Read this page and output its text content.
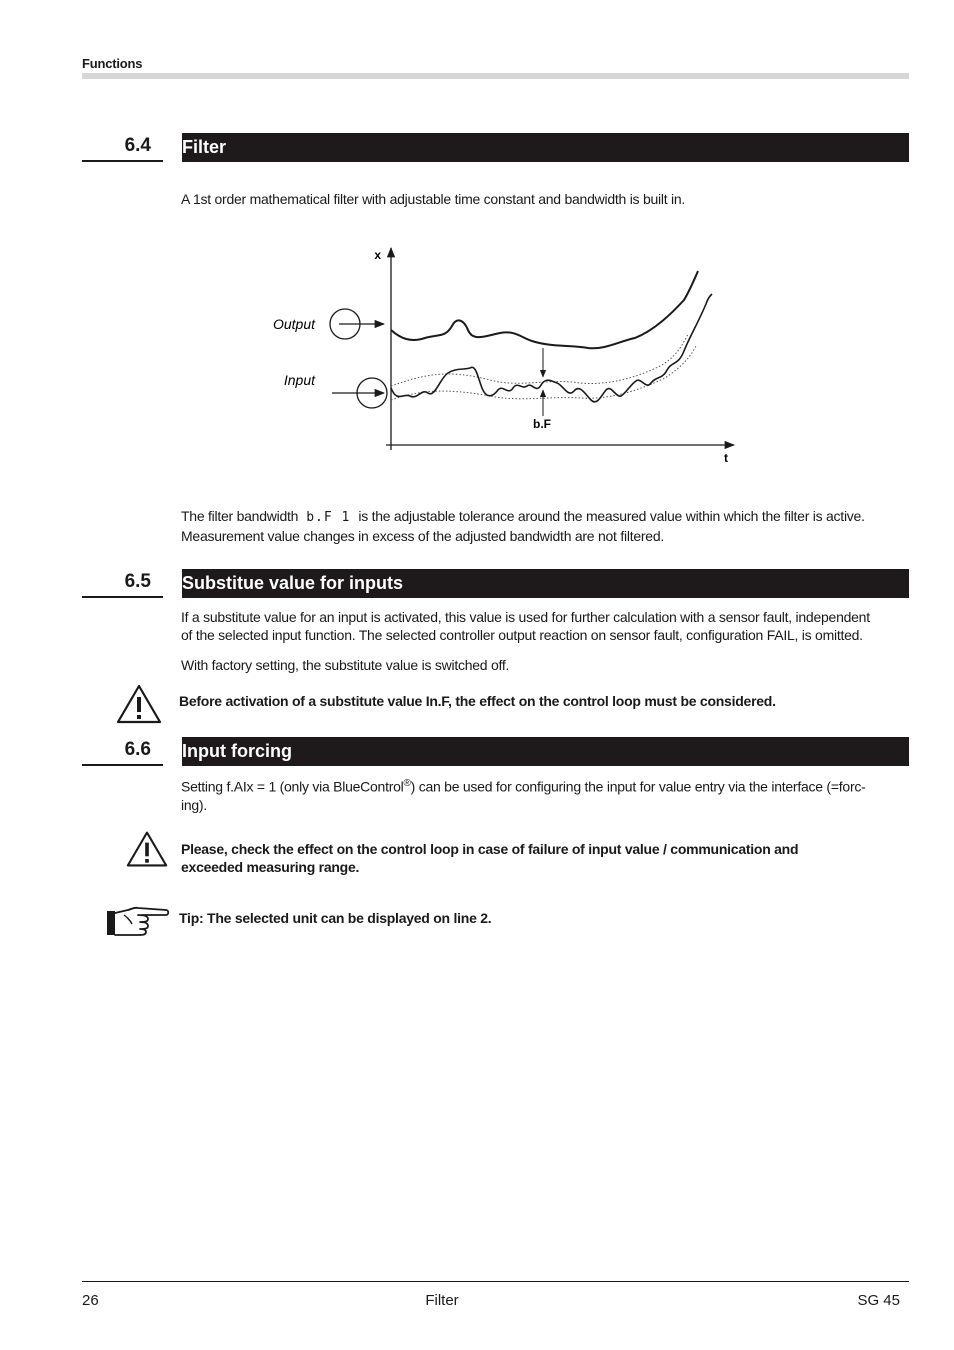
Functions
6.4	Filter
A 1st order mathematical filter with adjustable time constant and bandwidth is built in.
x
t
Output
Input
b.F
The filter bandwidth b.F 1 is the adjustable tolerance around the measured value within which the filter is active.
Measurement value changes in excess of the adjusted bandwidth are not filtered.
6.5	Substitue value for inputs
If a substitute value for an input is activated, this value is used for further calculation with a sensor fault, independent
of the selected input function. The selected controller output reaction on sensor fault, configuration FAIL, is omitted.
With factory setting, the substitute value is switched off.
Before activation of a substitute value In.F, the effect on the control loop must be considered.
6.6	Input forcing
Setting f.AIx = 1 (only via BlueControl®) can be used for configuring the input for value entry via the interface (=forc-
ing).
Please, check the effect on the control loop in case of failure of input value / communication and
exceeded measuring range.
Tip: The selected unit can be displayed on line 2.
26	Filter	SG 45
